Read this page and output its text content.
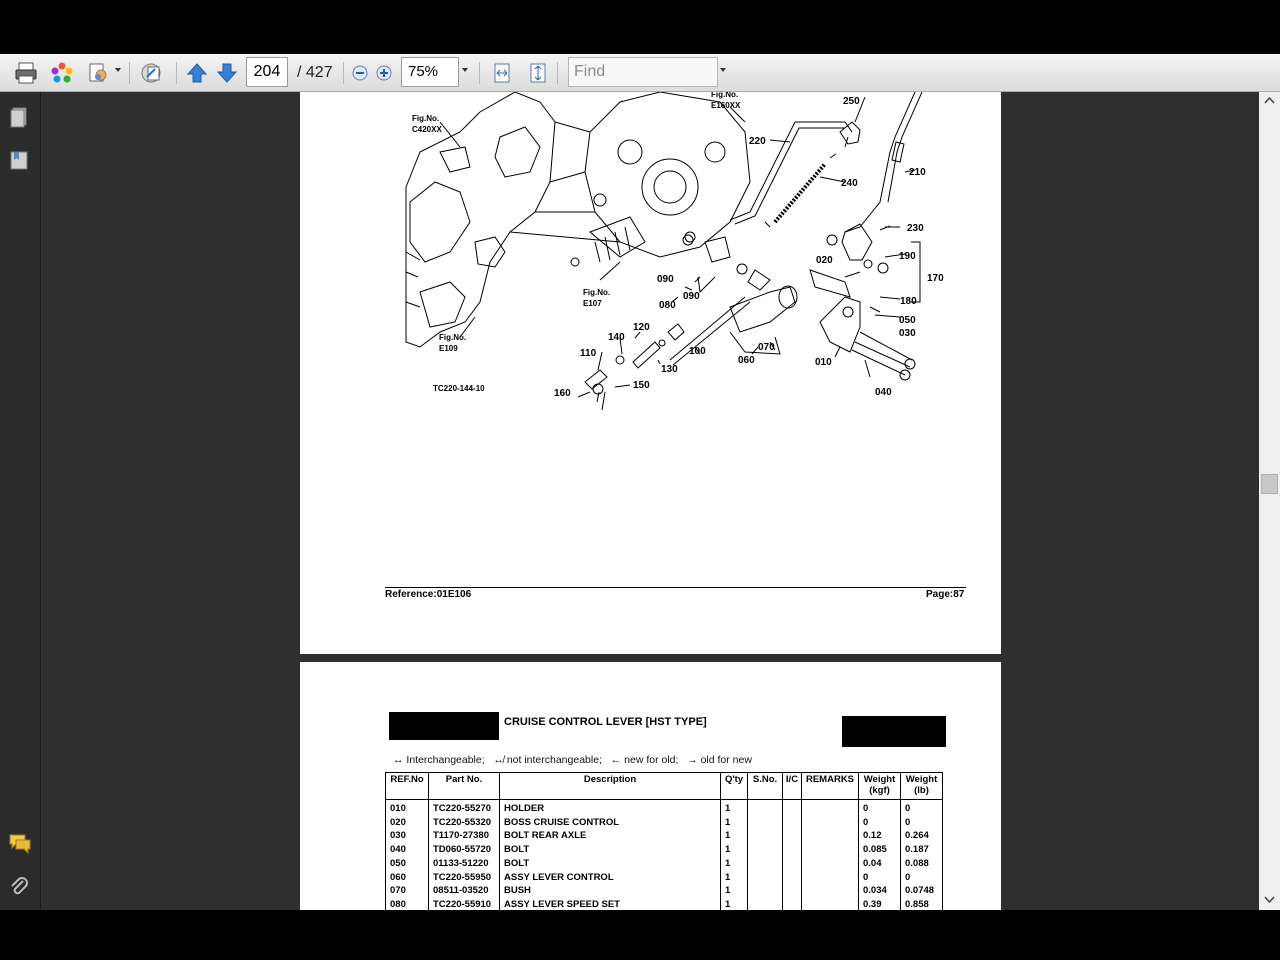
204	/ 427	75%	Find
Fig.No.
C420XX
Fig.No.
E160XX	250
220
240
210
230
190
170
020
180
050
030
040
010
060
070
090
080
090
Fig.No.
E107
Fig.No.
E109
120
140
110	100
130
150
160
TC220-144-10
Reference:01E106	Page:87
CRUISE CONTROL LEVER [HST TYPE]
↔ Interchangeable;   ↮ not interchangeable;   ← new for old;   → old for new
REF.No	Part No.	Description	Q'ty	S.No.	I/C	REMARKS	Weight (kgf)	Weight (lb)
010	TC220-55270	HOLDER	1				0	0
020	TC220-55320	BOSS CRUISE CONTROL	1				0	0
030	T1170-27380	BOLT REAR AXLE	1				0.12	0.264
040	TD060-55720	BOLT	1				0.085	0.187
050	01133-51220	BOLT	1				0.04	0.088
060	TC220-55950	ASSY LEVER CONTROL	1				0	0
070	08511-03520	BUSH	1				0.034	0.0748
080	TC220-55910	ASSY LEVER SPEED SET	1				0.39	0.858
